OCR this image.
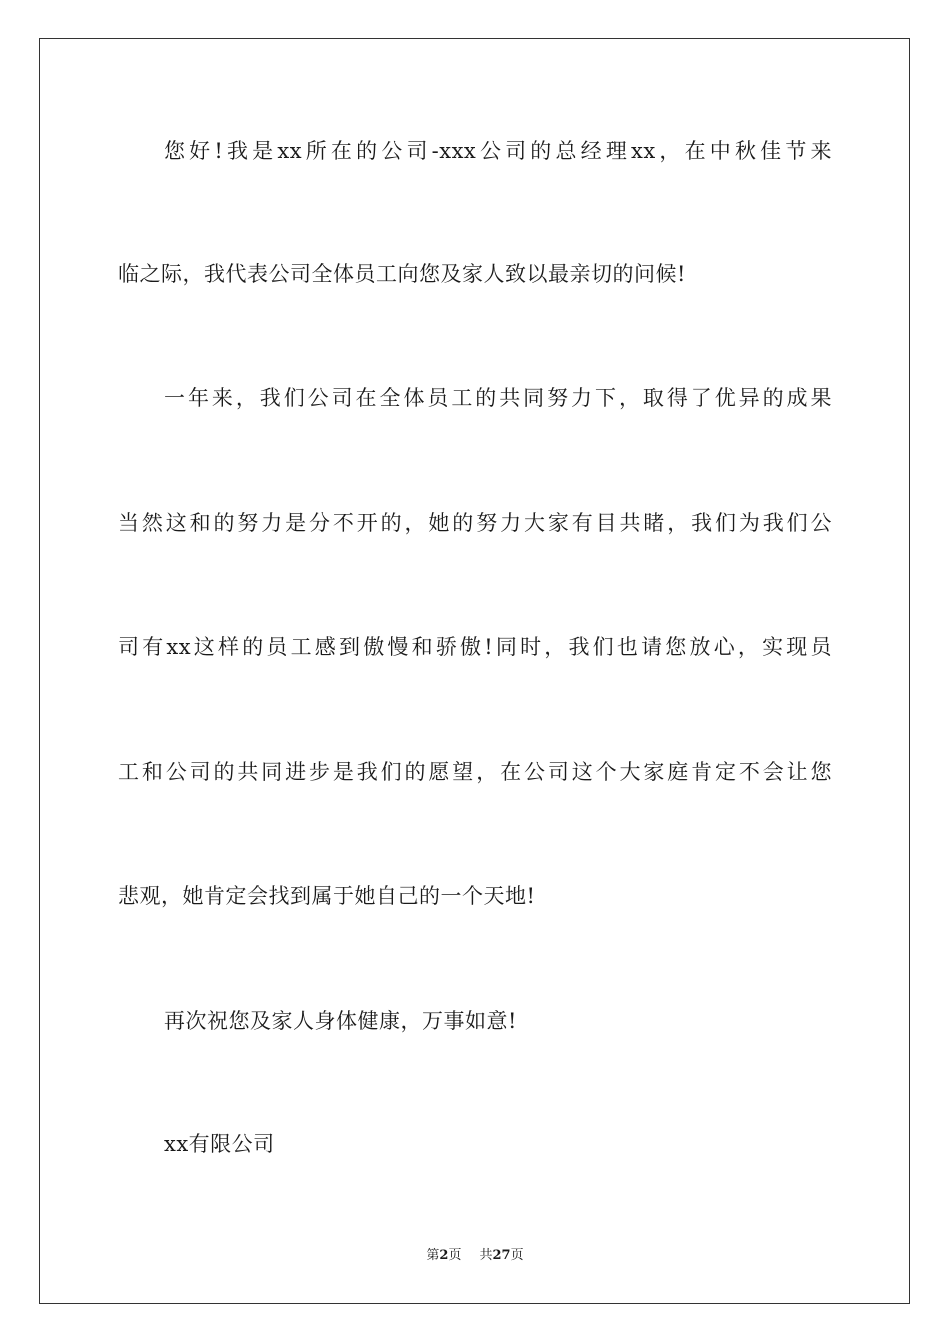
您好!我是xx所在的公司-xxx公司的总经理xx，在中秋佳节来
临之际，我代表公司全体员工向您及家人致以最亲切的问候!
一年来，我们公司在全体员工的共同努力下，取得了优异的成果
当然这和的努力是分不开的，她的努力大家有目共睹，我们为我们公
司有xx这样的员工感到傲慢和骄傲!同时，我们也请您放心，实现员
工和公司的共同进步是我们的愿望，在公司这个大家庭肯定不会让您
悲观，她肯定会找到属于她自己的一个天地!
再次祝您及家人身体健康，万事如意!
xx有限公司
第2页 共27页
